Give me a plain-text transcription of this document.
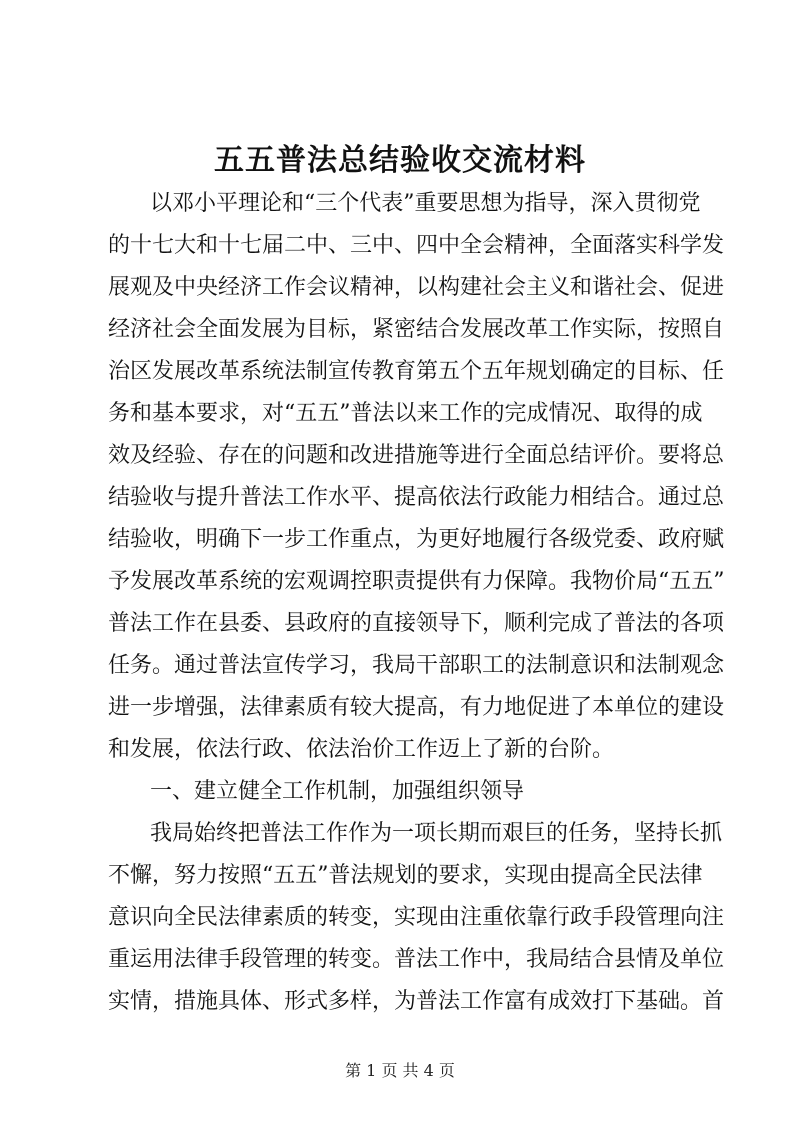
五五普法总结验收交流材料

以邓小平理论和“三个代表”重要思想为指导，深入贯彻党

的十七大和十七届二中、三中、四中全会精神，全面落实科学发

展观及中央经济工作会议精神，以构建社会主义和谐社会、促进

经济社会全面发展为目标，紧密结合发展改革工作实际，按照自

治区发展改革系统法制宣传教育第五个五年规划确定的目标、任

务和基本要求，对“五五”普法以来工作的完成情况、取得的成

效及经验、存在的问题和改进措施等进行全面总结评价。要将总

结验收与提升普法工作水平、提高依法行政能力相结合。通过总

结验收，明确下一步工作重点，为更好地履行各级党委、政府赋

予发展改革系统的宏观调控职责提供有力保障。我物价局“五五”

普法工作在县委、县政府的直接领导下，顺利完成了普法的各项

任务。通过普法宣传学习，我局干部职工的法制意识和法制观念

进一步增强，法律素质有较大提高，有力地促进了本单位的建设

和发展，依法行政、依法治价工作迈上了新的台阶。

一、建立健全工作机制，加强组织领导

我局始终把普法工作作为一项长期而艰巨的任务，坚持长抓

不懈，努力按照“五五”普法规划的要求，实现由提高全民法律

意识向全民法律素质的转变，实现由注重依靠行政手段管理向注

重运用法律手段管理的转变。普法工作中，我局结合县情及单位

实情，措施具体、形式多样，为普法工作富有成效打下基础。首

第 1 页 共 4 页
